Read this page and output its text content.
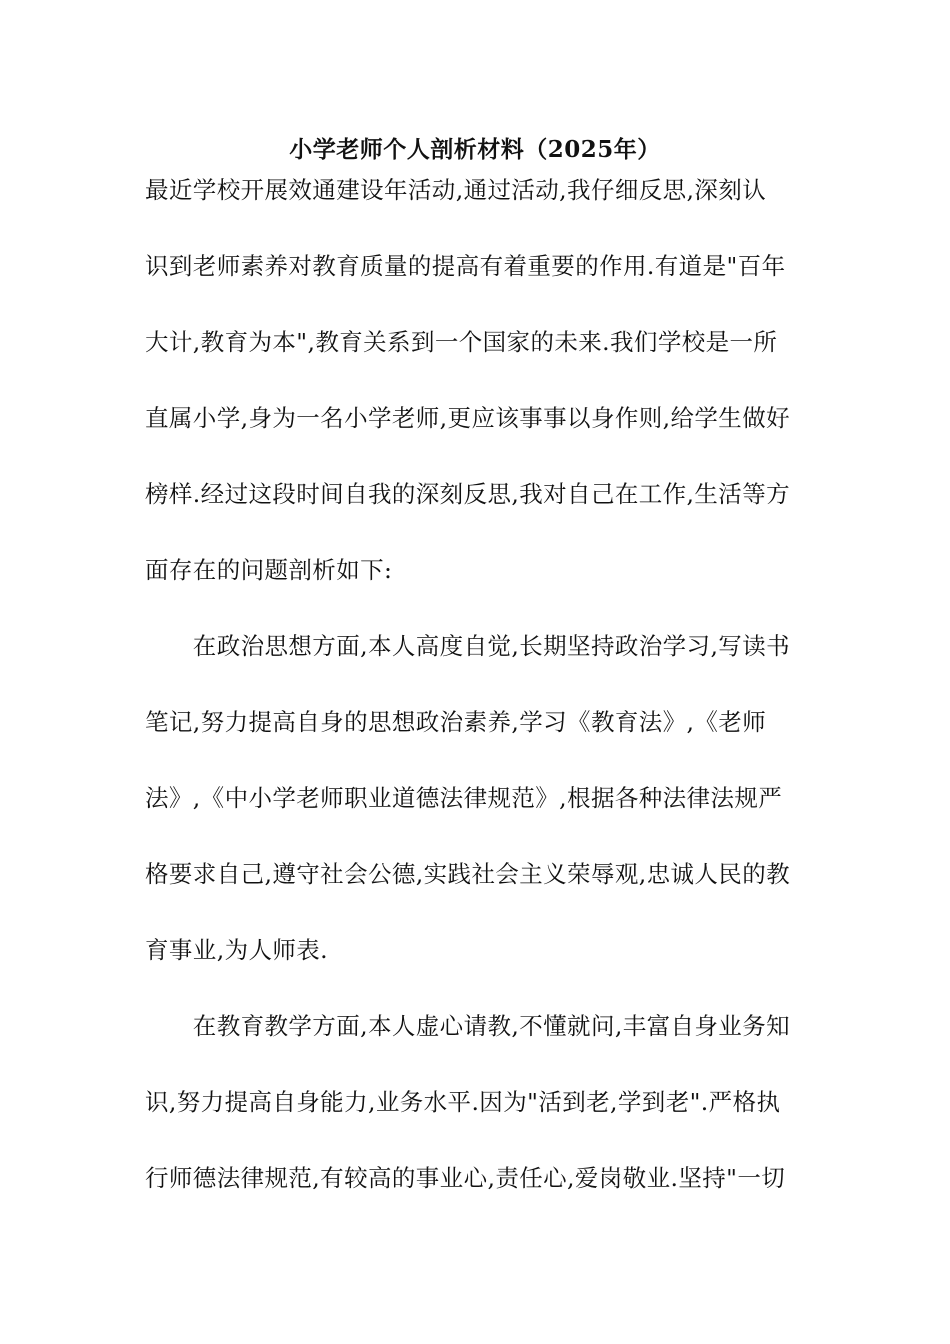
小学老师个人剖析材料（2025年）
最近学校开展效通建设年活动,通过活动,我仔细反思,深刻认
识到老师素养对教育质量的提高有着重要的作用.有道是"百年
大计,教育为本",教育关系到一个国家的未来.我们学校是一所
直属小学,身为一名小学老师,更应该事事以身作则,给学生做好
榜样.经过这段时间自我的深刻反思,我对自己在工作,生活等方
面存在的问题剖析如下:
　　在政治思想方面,本人高度自觉,长期坚持政治学习,写读书
笔记,努力提高自身的思想政治素养,学习《教育法》,《老师
法》,《中小学老师职业道德法律规范》,根据各种法律法规严
格要求自己,遵守社会公德,实践社会主义荣辱观,忠诚人民的教
育事业,为人师表.
　　在教育教学方面,本人虚心请教,不懂就问,丰富自身业务知
识,努力提高自身能力,业务水平.因为"活到老,学到老".严格执
行师德法律规范,有较高的事业心,责任心,爱岗敬业.坚持"一切
